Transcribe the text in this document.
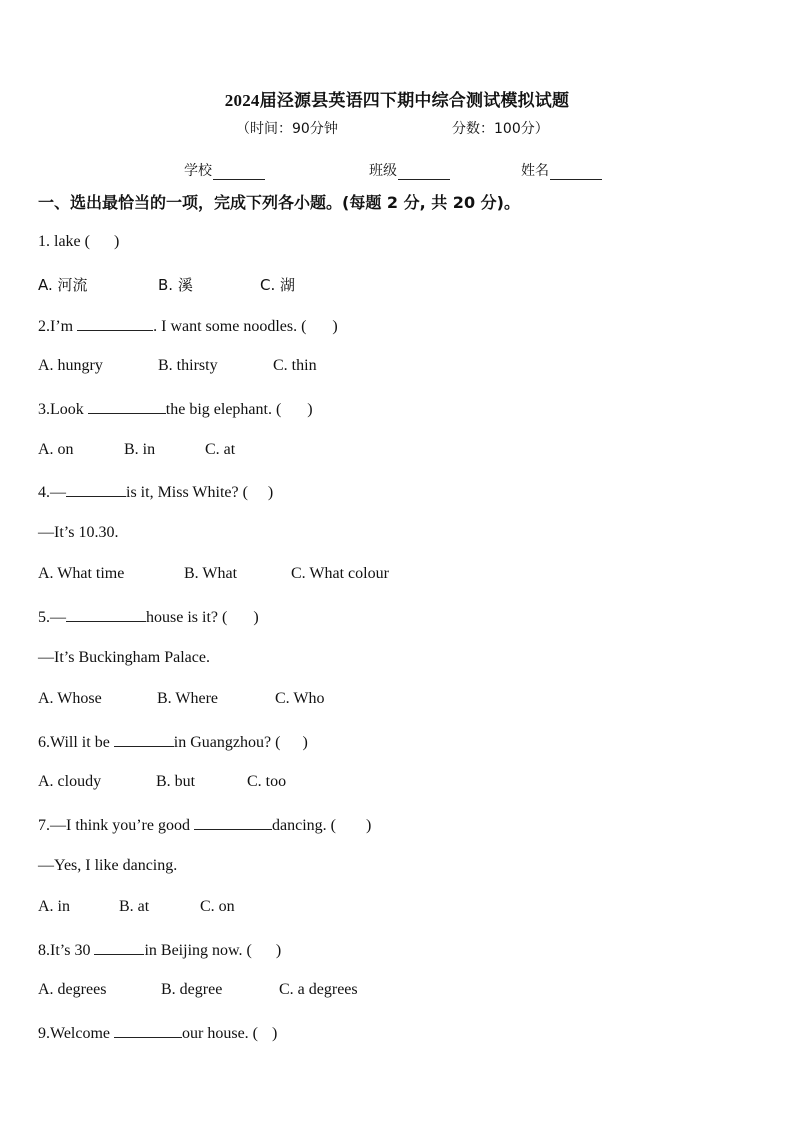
2024届泾源县英语四下期中综合测试模拟试题
（时间：90分钟	分数：100分）
学校	班级	姓名
一、选出最恰当的一项，完成下列各小题。(每题 2 分, 共 20 分)。
1. lake ( )
A. 河流	B. 溪	C. 湖
2.I’m	. I want some noodles. ( )
A. hungry	B. thirsty	C. thin
3.Look	the big elephant. ( )
A. on	B. in	C. at
4.—	is it, Miss White? ( )
—It’s 10.30.
A. What time	B. What	C. What colour
5.—	house is it? ( )
—It’s Buckingham Palace.
A. Whose	B. Where	C. Who
6.Will it be	in Guangzhou? ( )
A. cloudy	B. but	C. too
7.—I think you’re good	dancing. ( )
—Yes, I like dancing.
A. in	B. at	C. on
8.It’s 30	in Beijing now. ( )
A. degrees	B. degree	C. a degrees
9.Welcome	our house. ( )
